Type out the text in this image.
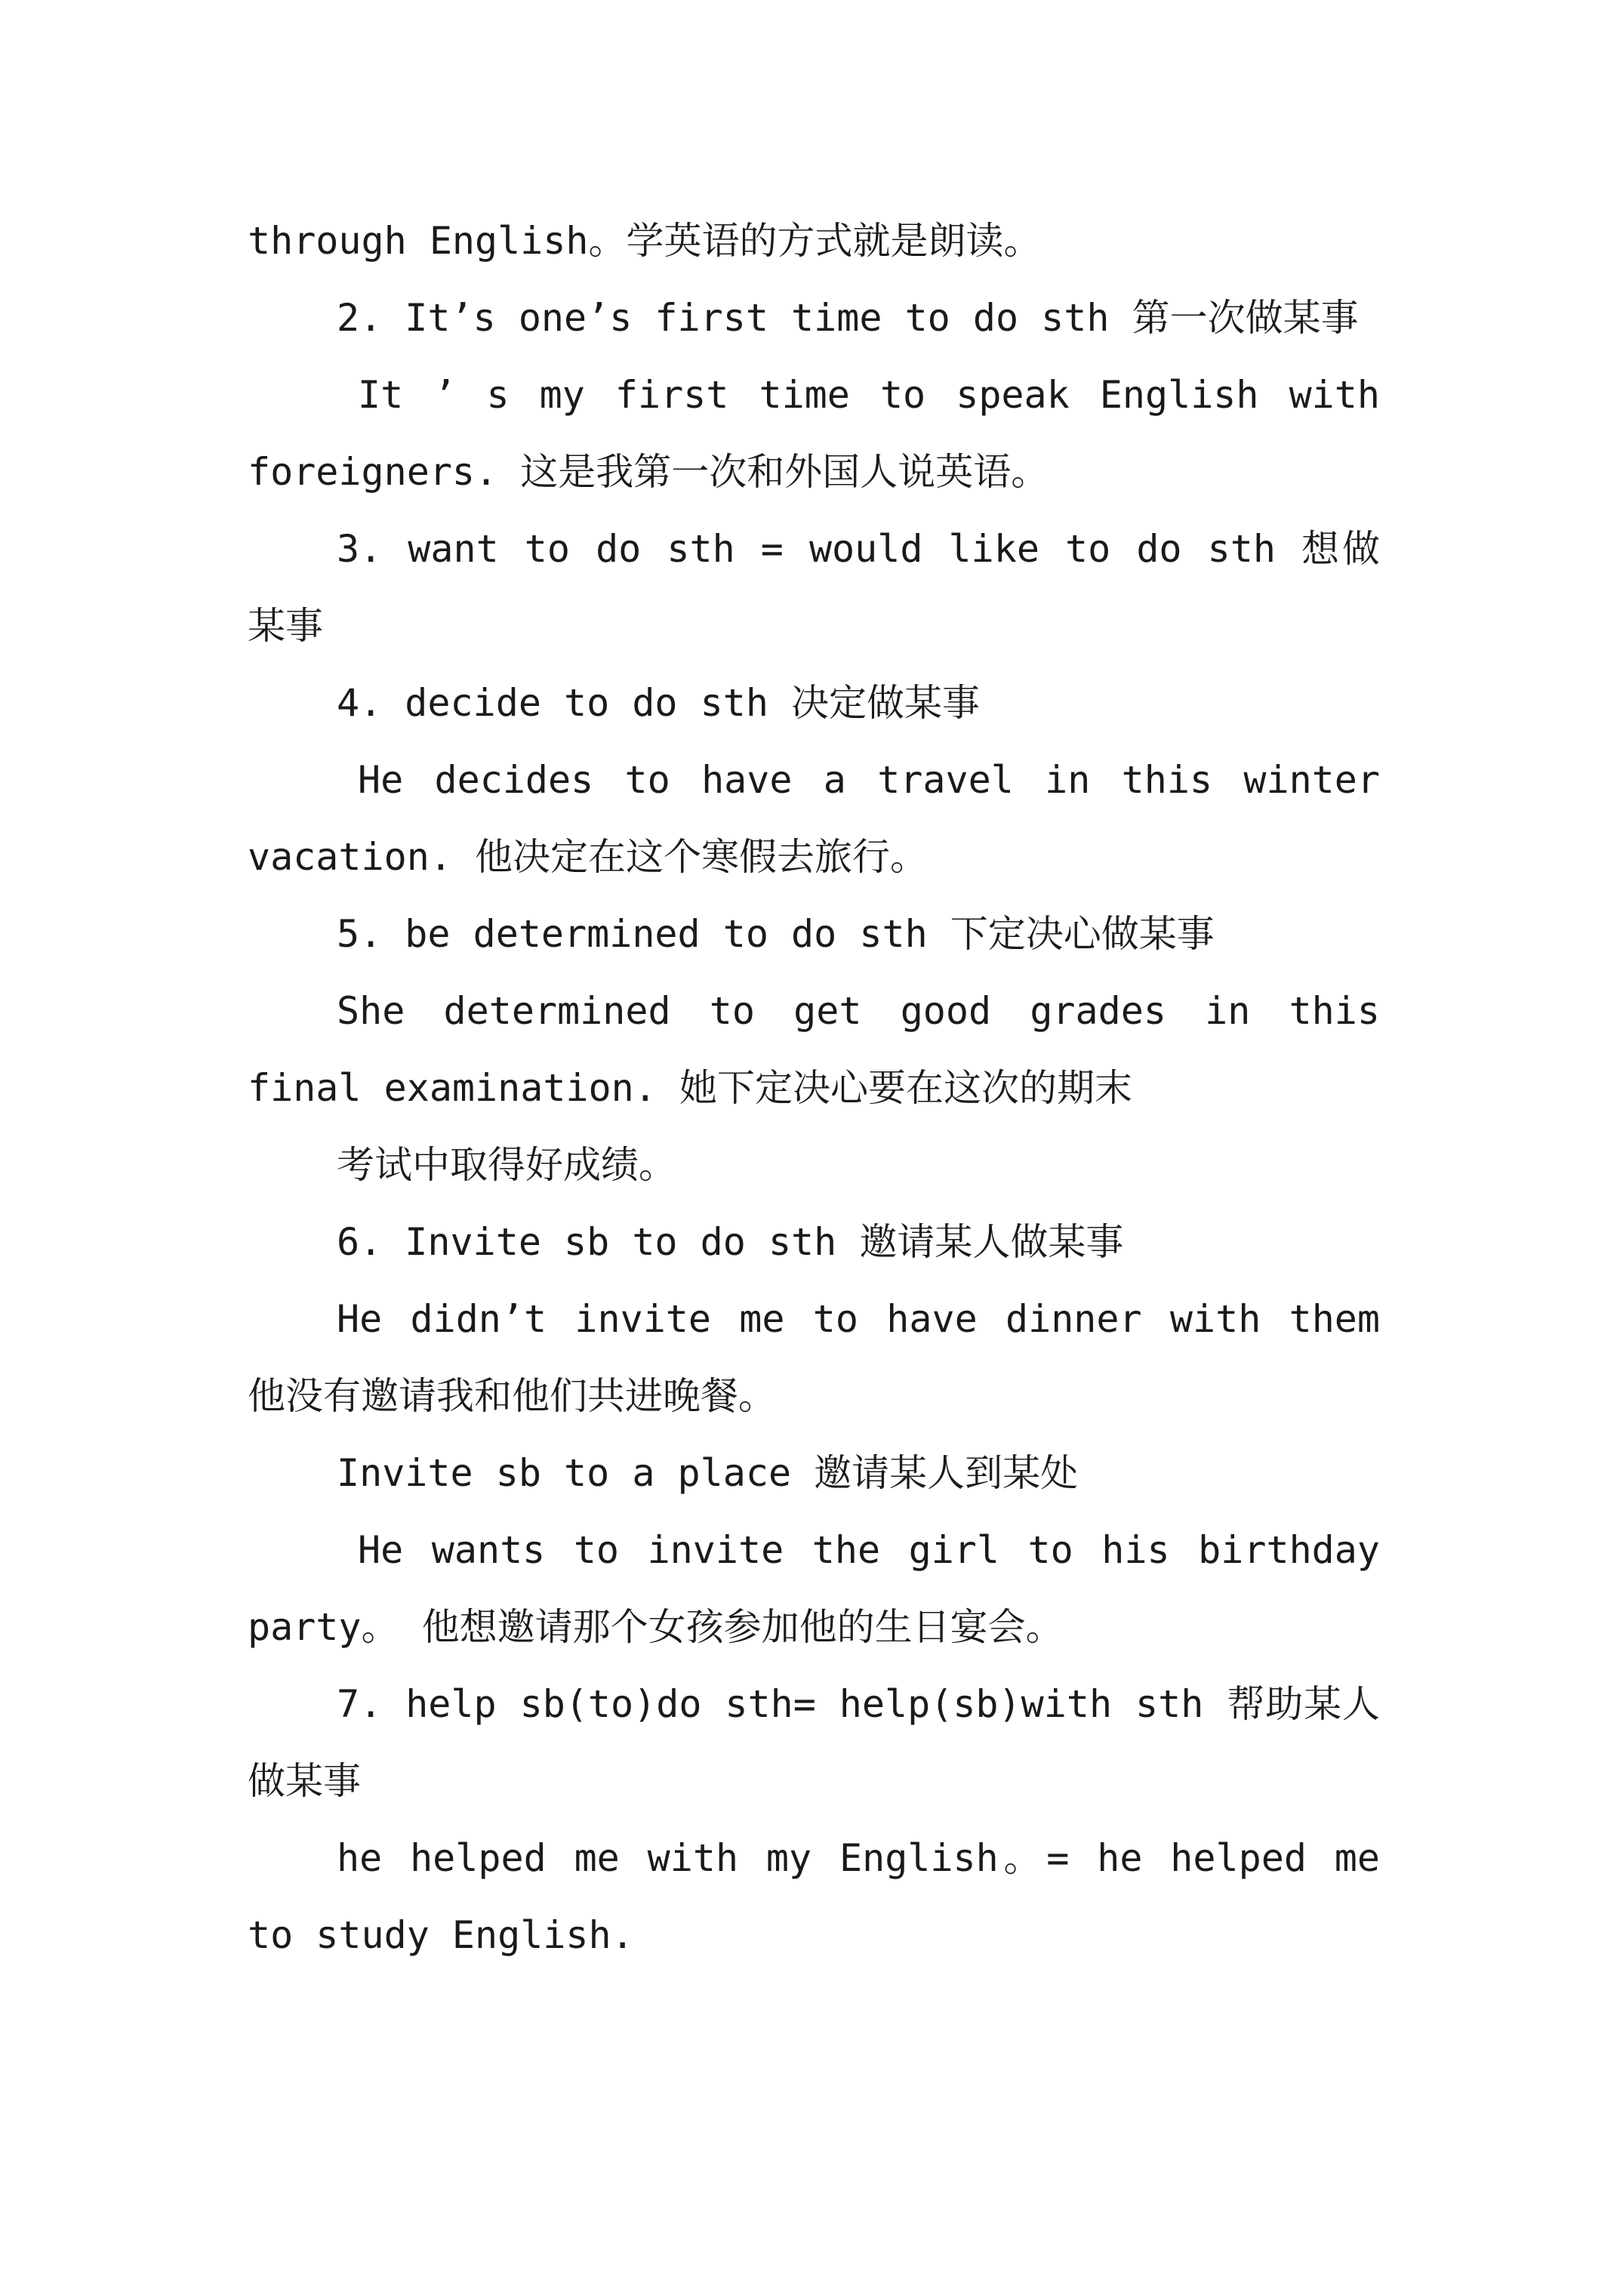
through English。学英语的方式就是朗读。

2. It’s one’s first time to do sth 第一次做某事

It ’ s my first time to speak English with foreigners. 这是我第一次和外国人说英语。

3. want to do sth = would like to do sth 想做某事

4. decide to do sth 决定做某事

He decides to have a travel in this winter vacation. 他决定在这个寒假去旅行。

5. be determined to do sth 下定决心做某事

She determined to get good grades in this final examination. 她下定决心要在这次的期末

考试中取得好成绩。

6. Invite sb to do sth 邀请某人做某事

He didn’t invite me to have dinner with them 他没有邀请我和他们共进晚餐。

Invite sb to a place 邀请某人到某处

He wants to invite the girl to his birthday party。 他想邀请那个女孩参加他的生日宴会。

7. help sb(to)do sth= help(sb)with sth 帮助某人做某事

he helped me with my English。= he helped me to study English.
